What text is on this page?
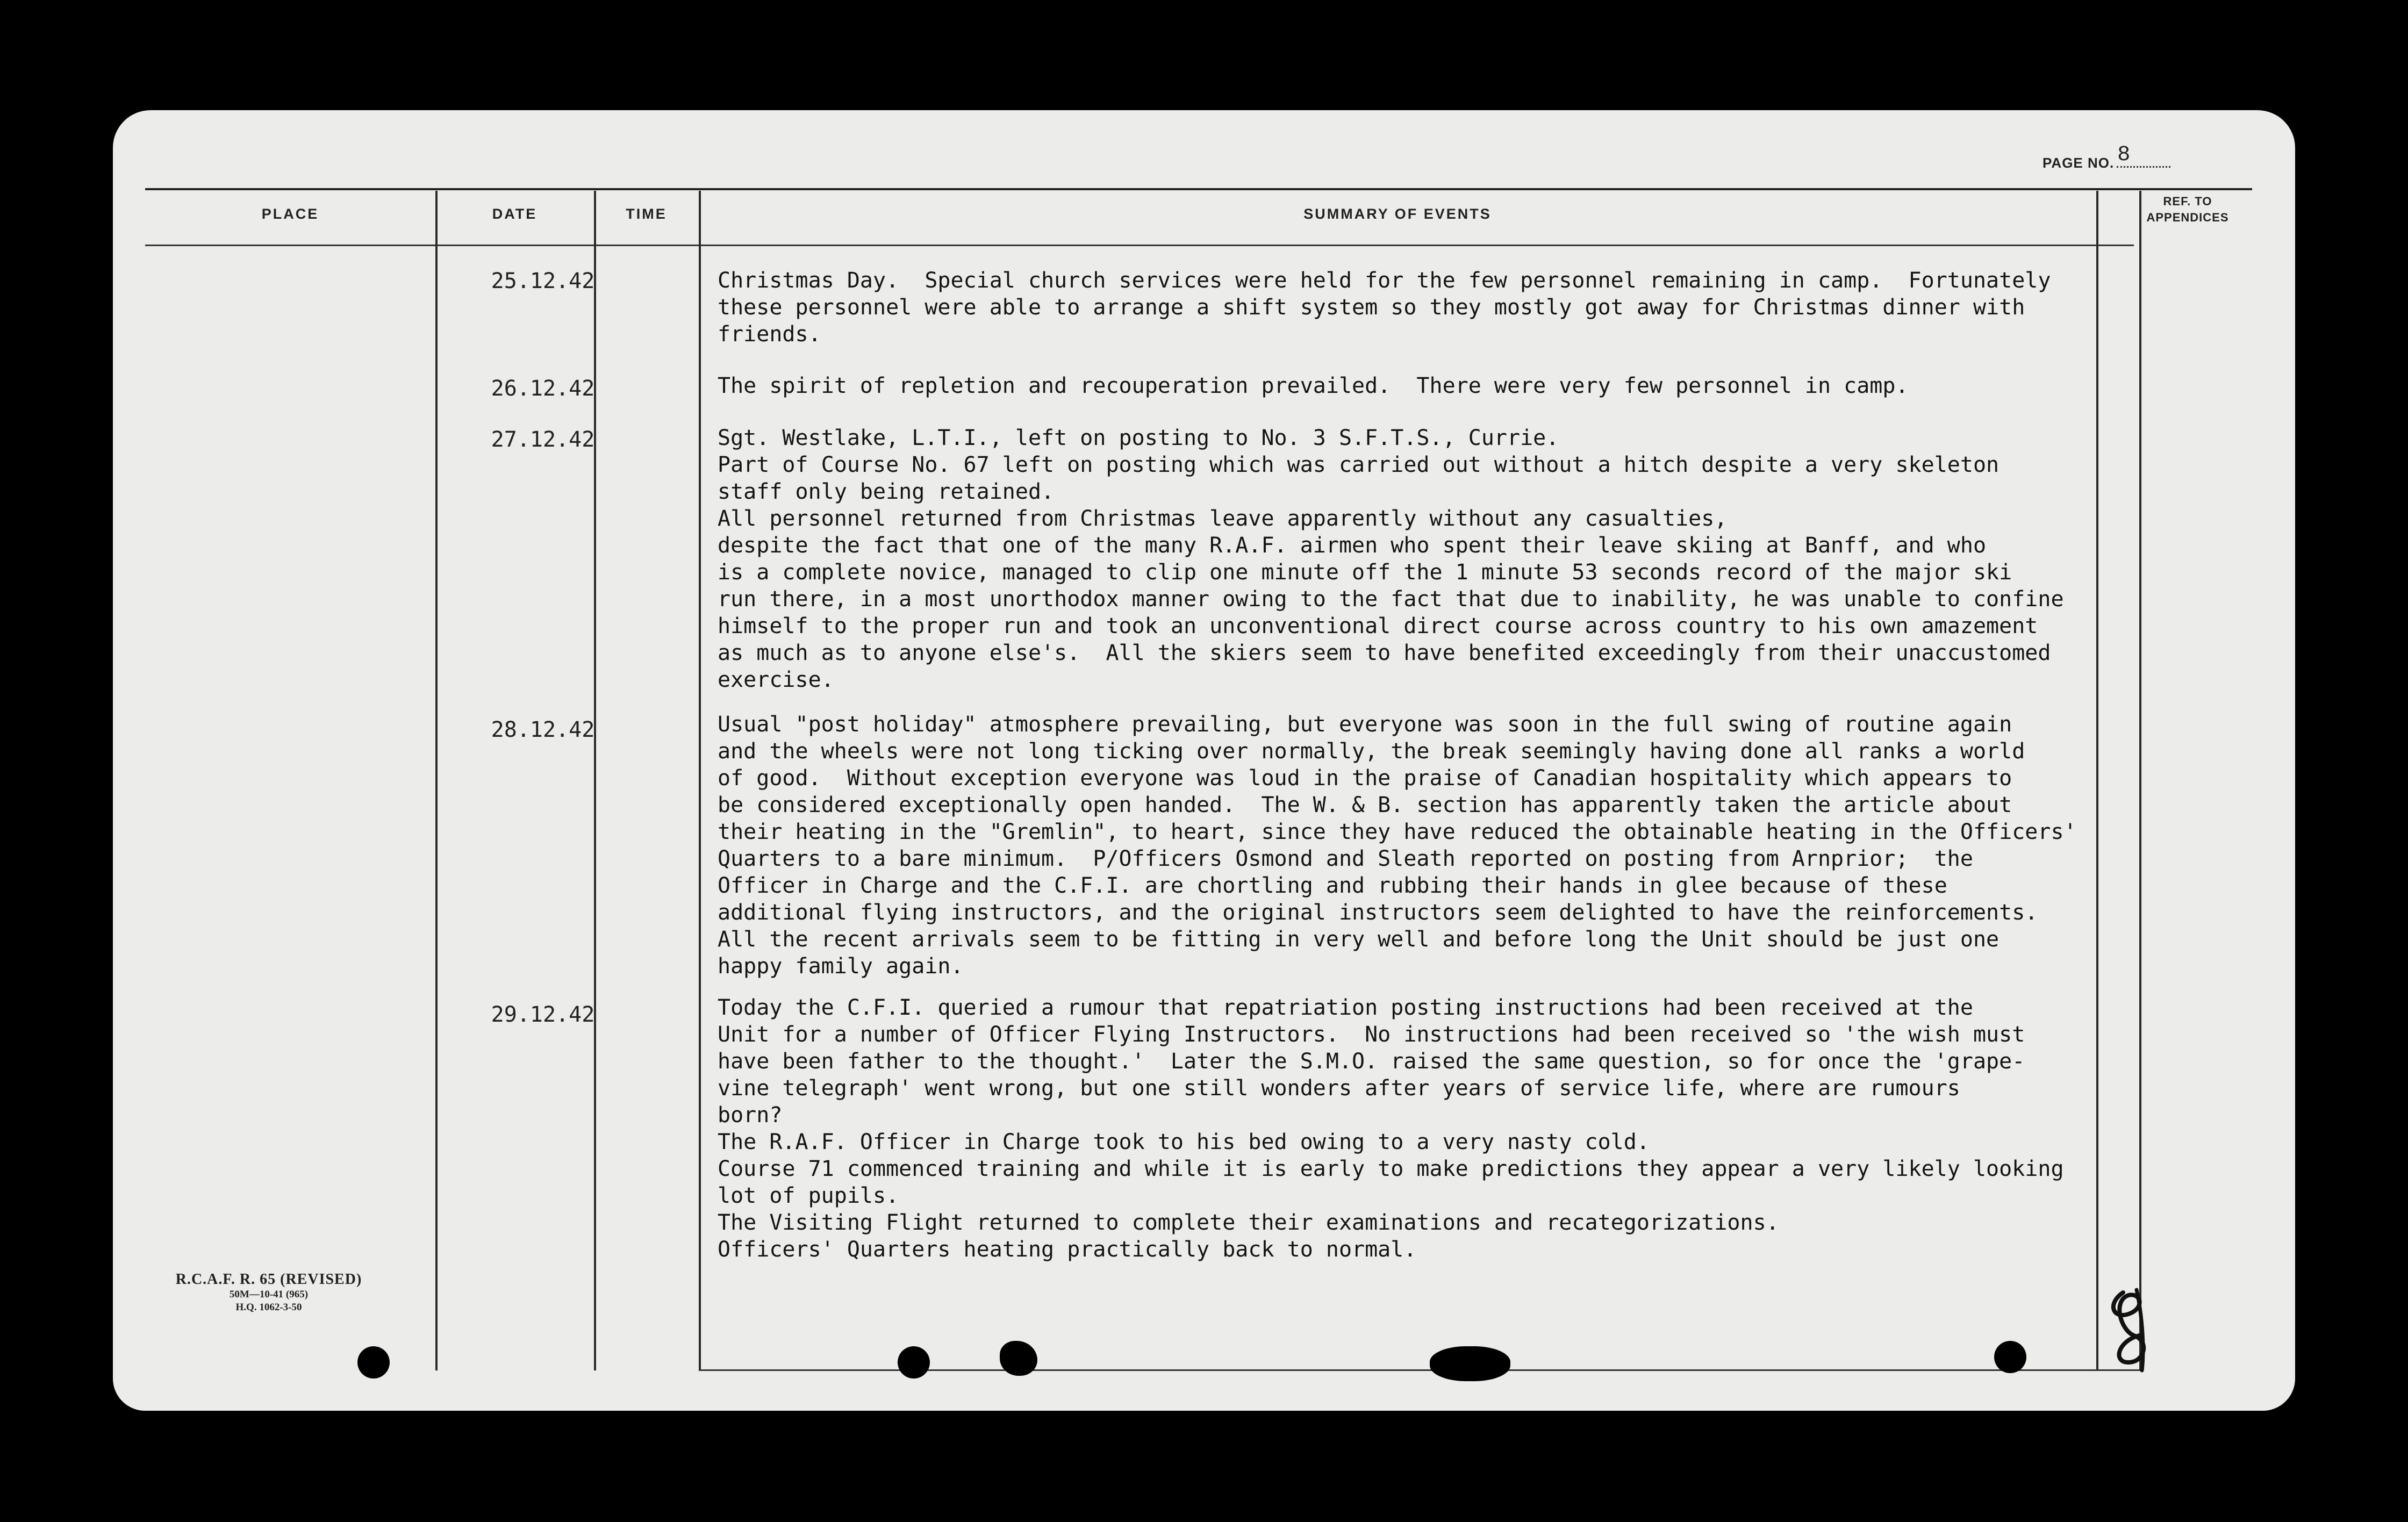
PAGE NO. 8
PLACE	DATE	TIME	SUMMARY OF EVENTS
REF. TO
APPENDICES
25.12.42	Christmas Day.  Special church services were held for the few personnel remaining in camp.  Fortunately
these personnel were able to arrange a shift system so they mostly got away for Christmas dinner with
friends.
26.12.42	The spirit of repletion and recouperation prevailed.  There were very few personnel in camp.
27.12.42	Sgt. Westlake, L.T.I., left on posting to No. 3 S.F.T.S., Currie.
Part of Course No. 67 left on posting which was carried out without a hitch despite a very skeleton
staff only being retained.
All personnel returned from Christmas leave apparently without any casualties,
despite the fact that one of the many R.A.F. airmen who spent their leave skiing at Banff, and who
is a complete novice, managed to clip one minute off the 1 minute 53 seconds record of the major ski
run there, in a most unorthodox manner owing to the fact that due to inability, he was unable to confine
himself to the proper run and took an unconventional direct course across country to his own amazement
as much as to anyone else's.  All the skiers seem to have benefited exceedingly from their unaccustomed
exercise.
28.12.42	Usual "post holiday" atmosphere prevailing, but everyone was soon in the full swing of routine again
and the wheels were not long ticking over normally, the break seemingly having done all ranks a world
of good.  Without exception everyone was loud in the praise of Canadian hospitality which appears to
be considered exceptionally open handed.  The W. & B. section has apparently taken the article about
their heating in the "Gremlin", to heart, since they have reduced the obtainable heating in the Officers'
Quarters to a bare minimum.  P/Officers Osmond and Sleath reported on posting from Arnprior;  the
Officer in Charge and the C.F.I. are chortling and rubbing their hands in glee because of these
additional flying instructors, and the original instructors seem delighted to have the reinforcements.
All the recent arrivals seem to be fitting in very well and before long the Unit should be just one
happy family again.
29.12.42	Today the C.F.I. queried a rumour that repatriation posting instructions had been received at the
Unit for a number of Officer Flying Instructors.  No instructions had been received so 'the wish must
have been father to the thought.'  Later the S.M.O. raised the same question, so for once the 'grape-
vine telegraph' went wrong, but one still wonders after years of service life, where are rumours
born?
The R.A.F. Officer in Charge took to his bed owing to a very nasty cold.
Course 71 commenced training and while it is early to make predictions they appear a very likely looking
lot of pupils.
The Visiting Flight returned to complete their examinations and recategorizations.
Officers' Quarters heating practically back to normal.
R.C.A.F. R. 65 (REVISED)
50M—10-41 (965)
H.Q. 1062-3-50
